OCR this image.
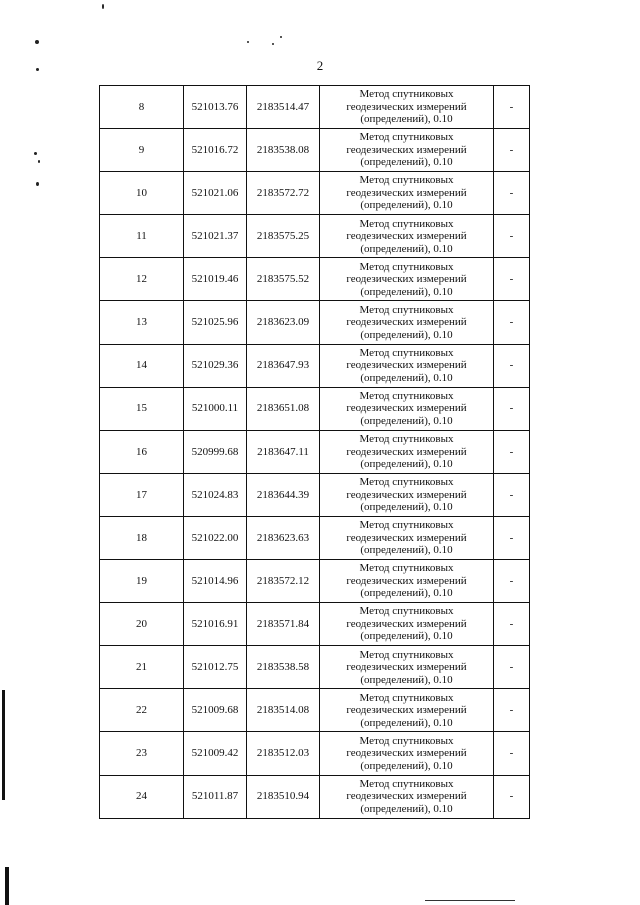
2
8	521013.76	2183514.47	Метод спутниковых
геодезических измерений
(определений), 0.10	-
9	521016.72	2183538.08	Метод спутниковых
геодезических измерений
(определений), 0.10	-
10	521021.06	2183572.72	Метод спутниковых
геодезических измерений
(определений), 0.10	-
11	521021.37	2183575.25	Метод спутниковых
геодезических измерений
(определений), 0.10	-
12	521019.46	2183575.52	Метод спутниковых
геодезических измерений
(определений), 0.10	-
13	521025.96	2183623.09	Метод спутниковых
геодезических измерений
(определений), 0.10	-
14	521029.36	2183647.93	Метод спутниковых
геодезических измерений
(определений), 0.10	-
15	521000.11	2183651.08	Метод спутниковых
геодезических измерений
(определений), 0.10	-
16	520999.68	2183647.11	Метод спутниковых
геодезических измерений
(определений), 0.10	-
17	521024.83	2183644.39	Метод спутниковых
геодезических измерений
(определений), 0.10	-
18	521022.00	2183623.63	Метод спутниковых
геодезических измерений
(определений), 0.10	-
19	521014.96	2183572.12	Метод спутниковых
геодезических измерений
(определений), 0.10	-
20	521016.91	2183571.84	Метод спутниковых
геодезических измерений
(определений), 0.10	-
21	521012.75	2183538.58	Метод спутниковых
геодезических измерений
(определений), 0.10	-
22	521009.68	2183514.08	Метод спутниковых
геодезических измерений
(определений), 0.10	-
23	521009.42	2183512.03	Метод спутниковых
геодезических измерений
(определений), 0.10	-
24	521011.87	2183510.94	Метод спутниковых
геодезических измерений
(определений), 0.10	-
